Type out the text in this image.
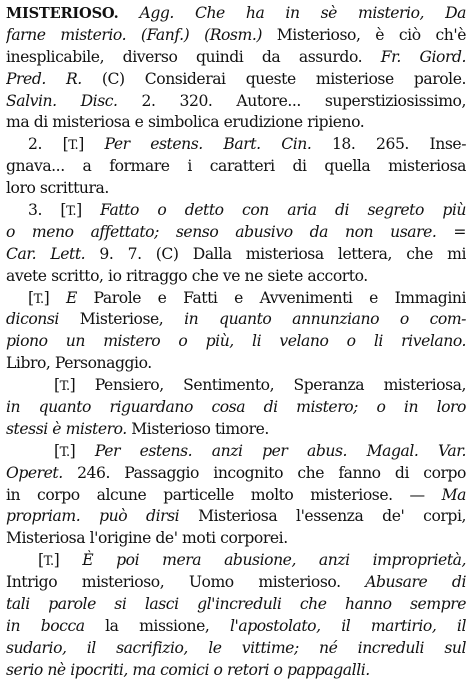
MISTERIOSO. Agg. Che ha in sè misterio, Da
farne misterio. (Fanf.) (Rosm.) Misterioso, è ciò ch'è
inesplicabile, diverso quindi da assurdo. Fr. Giord.
Pred. R. (C) Considerai queste misteriose parole.
Salvin. Disc. 2. 320. Autore... superstiziosissimo,
ma di misteriosa e simbolica erudizione ripieno.
2. [T.] Per estens. Bart. Cin. 18. 265. Inse-
gnava... a formare i caratteri di quella misteriosa
loro scrittura.
3. [T.] Fatto o detto con aria di segreto più
o meno affettato; senso abusivo da non usare. =
Car. Lett. 9. 7. (C) Dalla misteriosa lettera, che mi
avete scritto, io ritraggo che ve ne siete accorto.
[T.] E Parole e Fatti e Avvenimenti e Immagini
diconsi Misteriose, in quanto annunziano o com-
piono un mistero o più, li velano o li rivelano.
Libro, Personaggio.
[T.] Pensiero, Sentimento, Speranza misteriosa,
in quanto riguardano cosa di mistero; o in loro
stessi è mistero. Misterioso timore.
[T.] Per estens. anzi per abus. Magal. Var.
Operet. 246. Passaggio incognito che fanno di corpo
in corpo alcune particelle molto misteriose. — Ma
propriam. può dirsi Misteriosa l'essenza de' corpi,
Misteriosa l'origine de' moti corporei.
[T.] È poi mera abusione, anzi improprietà,
Intrigo misterioso, Uomo misterioso. Abusare di
tali parole si lasci gl'increduli che hanno sempre
in bocca la missione, l'apostolato, il martirio, il
sudario, il sacrifizio, le vittime; né increduli sul
serio nè ipocriti, ma comici o retori o pappagalli.
